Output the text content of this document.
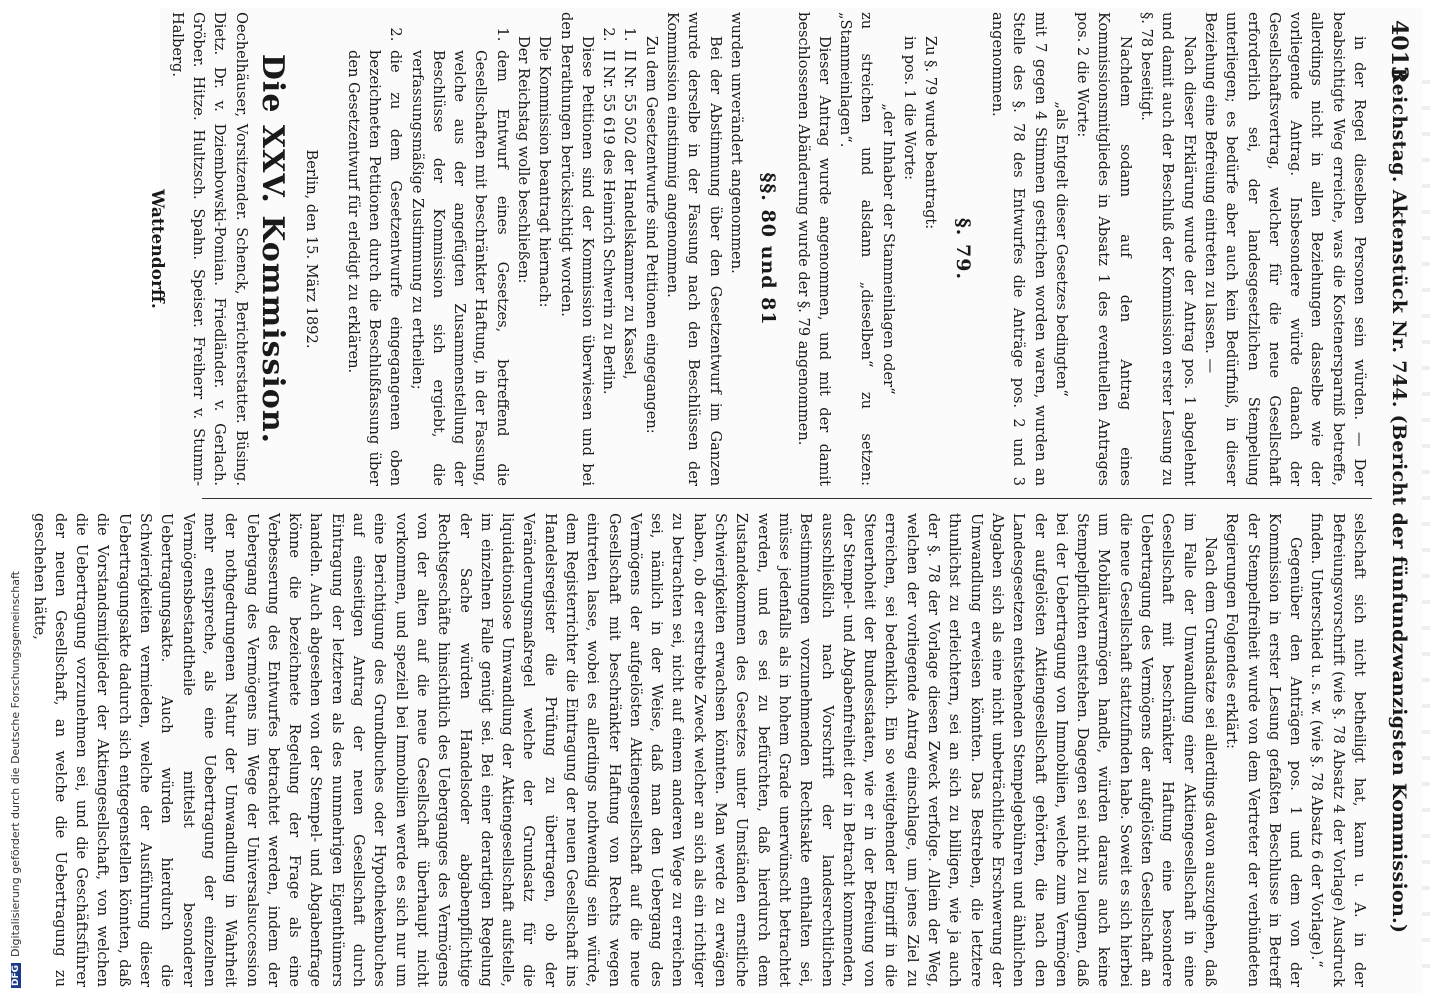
Reichstag. Aktenstück Nr. 744. (Bericht der fünfundzwanzigsten Kommission.)
4013

in der Regel dieselben Personen sein würden. — Der beabsichtigte Weg erreiche, was die Kostenersparniß betreffe, allerdings nicht in allen Beziehungen dasselbe wie der vorliegende Antrag. Insbesondere würde danach der Gesellschaftsvertrag, welcher für die neue Gesellschaft erforderlich sei, der landesgesetzlichen Stempelung unterliegen; es bedürfe aber auch kein Bedürfniß, in dieser Beziehung eine Befreiung eintreten zu lassen. —

Nach dieser Erklärung wurde der Antrag pos. 1 abgelehnt und damit auch der Beschluß der Kommission erster Lesung zu §. 78 beseitigt.

Nachdem sodann auf den Antrag eines Kommissionsmitgliedes in Absatz 1 des eventuellen Antrages pos. 2 die Worte:

„als Entgelt dieser Gesetzes bedingten“

mit 7 gegen 4 Stimmen gestrichen worden waren, wurden an Stelle des §. 78 des Entwurfes die Anträge pos. 2 und 3 angenommen.

§. 79.

Zu §. 79 wurde beantragt:

in pos. 1 die Worte:

„der Inhaber der Stammeinlagen oder“

zu streichen und alsdann „dieselben“ zu setzen: „Stammeinlagen“.

Dieser Antrag wurde angenommen, und mit der damit beschlossenen Abänderung wurde der §. 79 angenommen.

§§. 80 und 81

wurden unverändert angenommen.

Bei der Abstimmung über den Gesetzentwurf im Ganzen wurde derselbe in der Fassung nach den Beschlüssen der Kommission einstimmig angenommen.

Zu dem Gesetzentwurfe sind Petitionen eingegangen:

1. II Nr. 55 502 der Handelskammer zu Kassel,
2. II Nr. 55 619 des Heinrich Schwerin zu Berlin.

Diese Petitionen sind der Kommission überwiesen und bei den Berathungen berücksichtigt worden.

Die Kommission beantragt hiernach:

Der Reichstag wolle beschließen:

1. dem Entwurf eines Gesetzes, betreffend die Gesellschaften mit beschränkter Haftung, in der Fassung, welche aus der angefügten Zusammenstellung der Beschlüsse der Kommission sich ergiebt, die verfassungsmäßige Zustimmung zu ertheilen;
2. die zu dem Gesetzentwurfe eingegangenen oben bezeichneten Petitionen durch die Beschlußfassung über den Gesetzentwurf für erledigt zu erklären.

Berlin, den 15. März 1892.

Die XXV. Kommission.

Oechelhäuser, Vorsitzender. Schenck, Berichterstatter. Büsing. Dietz. Dr. v. Dziembowski-Pomian. Friedländer. v. Gerlach. Gröber. Hitze. Hultzsch. Spahn. Speiser. Freiherr v. Stumm-Halberg.

Wattendorff.

selschaft sich nicht betheiligt hat, kann u. A. in der Befreiungsvorschrift (wie §. 78 Absatz 4 der Vorlage) Ausdruck finden. Unterschied u. s. w. (wie §. 78 Absatz 6 der Vorlage).“

Gegenüber den Anträgen pos. 1 und dem von der Kommission in erster Lesung gefaßten Beschlusse in Betreff der Stempelfreiheit wurde von dem Vertreter der verbündeten Regierungen Folgendes erklärt:

Nach dem Grundsatze sei allerdings davon auszugehen, daß im Falle der Umwandlung einer Aktiengesellschaft in eine Gesellschaft mit beschränkter Haftung eine besondere Uebertragung des Vermögens der aufgelösten Gesellschaft an die neue Gesellschaft stattzufinden habe. Soweit es sich hierbei um Mobiliarvermögen handle, würden daraus auch keine Stempelpflichten entstehen. Dagegen sei nicht zu leugnen, daß bei der Uebertragung von Immobilien, welche zum Vermögen der aufgelösten Aktiengesellschaft gehörten, die nach den Landesgesetzen entstehenden Stempelgebühren und ähnlichen Abgaben sich als eine nicht unbeträchtliche Erschwerung der Umwandlung erweisen könnten. Das Bestreben, die letztere thunlichst zu erleichtern, sei an sich zu billigen, wie ja auch der §. 78 der Vorlage diesen Zweck verfolge. Allein der Weg, welchen der vorliegende Antrag einschlage, um jenes Ziel zu erreichen, sei bedenklich. Ein so weitgehender Eingriff in die Steuerhoheit der Bundesstaaten, wie er in der Befreiung von der Stempel- und Abgabenfreiheit der in Betracht kommenden, ausschließlich nach Vorschrift der landesrechtlichen Bestimmungen vorzunehmenden Rechtsakte enthalten sei, müsse jedenfalls als in hohem Grade unerwünscht betrachtet werden, und es sei zu befürchten, daß hierdurch dem Zustandekommen des Gesetzes unter Umständen ernstliche Schwierigkeiten erwachsen könnten. Man werde zu erwägen haben, ob der erstrebte Zweck welcher an sich als ein richtiger zu betrachten sei, nicht auf einem anderen Wege zu erreichen sei, nämlich in der Weise, daß man den Uebergang des Vermögens der aufgelösten Aktiengesellschaft auf die neue Gesellschaft mit beschränkter Haftung von Rechts wegen eintreten lasse, wobei es allerdings nothwendig sein würde, dem Registerrichter die Eintragung der neuen Gesellschaft ins Handelsregister die Prüfung zu übertragen, ob der Veränderungsmaßregel welche der Grundsatz für die liquidationslose Umwandlung der Aktiengesellschaft aufstelle, im einzelnen Falle genügt sei. Bei einer derartigen Regelung der Sache würden Handelsoder abgabenpflichtige Rechtsgeschäfte hinsichtlich des Ueberganges des Vermögens von der alten auf die neue Gesellschaft überhaupt nicht vorkommen, und speziell bei Immobilien werde es sich nur um eine Berichtigung des Grundbuches oder Hypothekenbuches auf einseitigen Antrag der neuen Gesellschaft durch Eintragung der letzteren als des nunmehrigen Eigenthümers handeln. Auch abgesehen von der Stempel- und Abgabenfrage könne die bezeichnete Regelung der Frage als eine Verbesserung des Entwurfes betrachtet werden, indem der Uebergang des Vermögens im Wege der Universalsuccession der nothgedrungenen Natur der Umwandlung in Wahrheit mehr entspreche, als eine Uebertragung der einzelnen Vermögensbestandtheile mittelst besonderer Uebertragungsakte. Auch würden hierdurch die Schwierigkeiten vermieden, welche der Ausführung dieser Uebertragungsakte dadurch sich entgegenstellen könnten, daß die Vorstandsmitglieder der Aktiengesellschaft, von welchen die Uebertragung vorzunehmen sei, und die Geschäftsführer der neuen Gesellschaft, an welche die Uebertragung zu geschehen hätte,

DFGDigitalisierung gefördert durch die Deutsche Forschungsgemeinschaft
